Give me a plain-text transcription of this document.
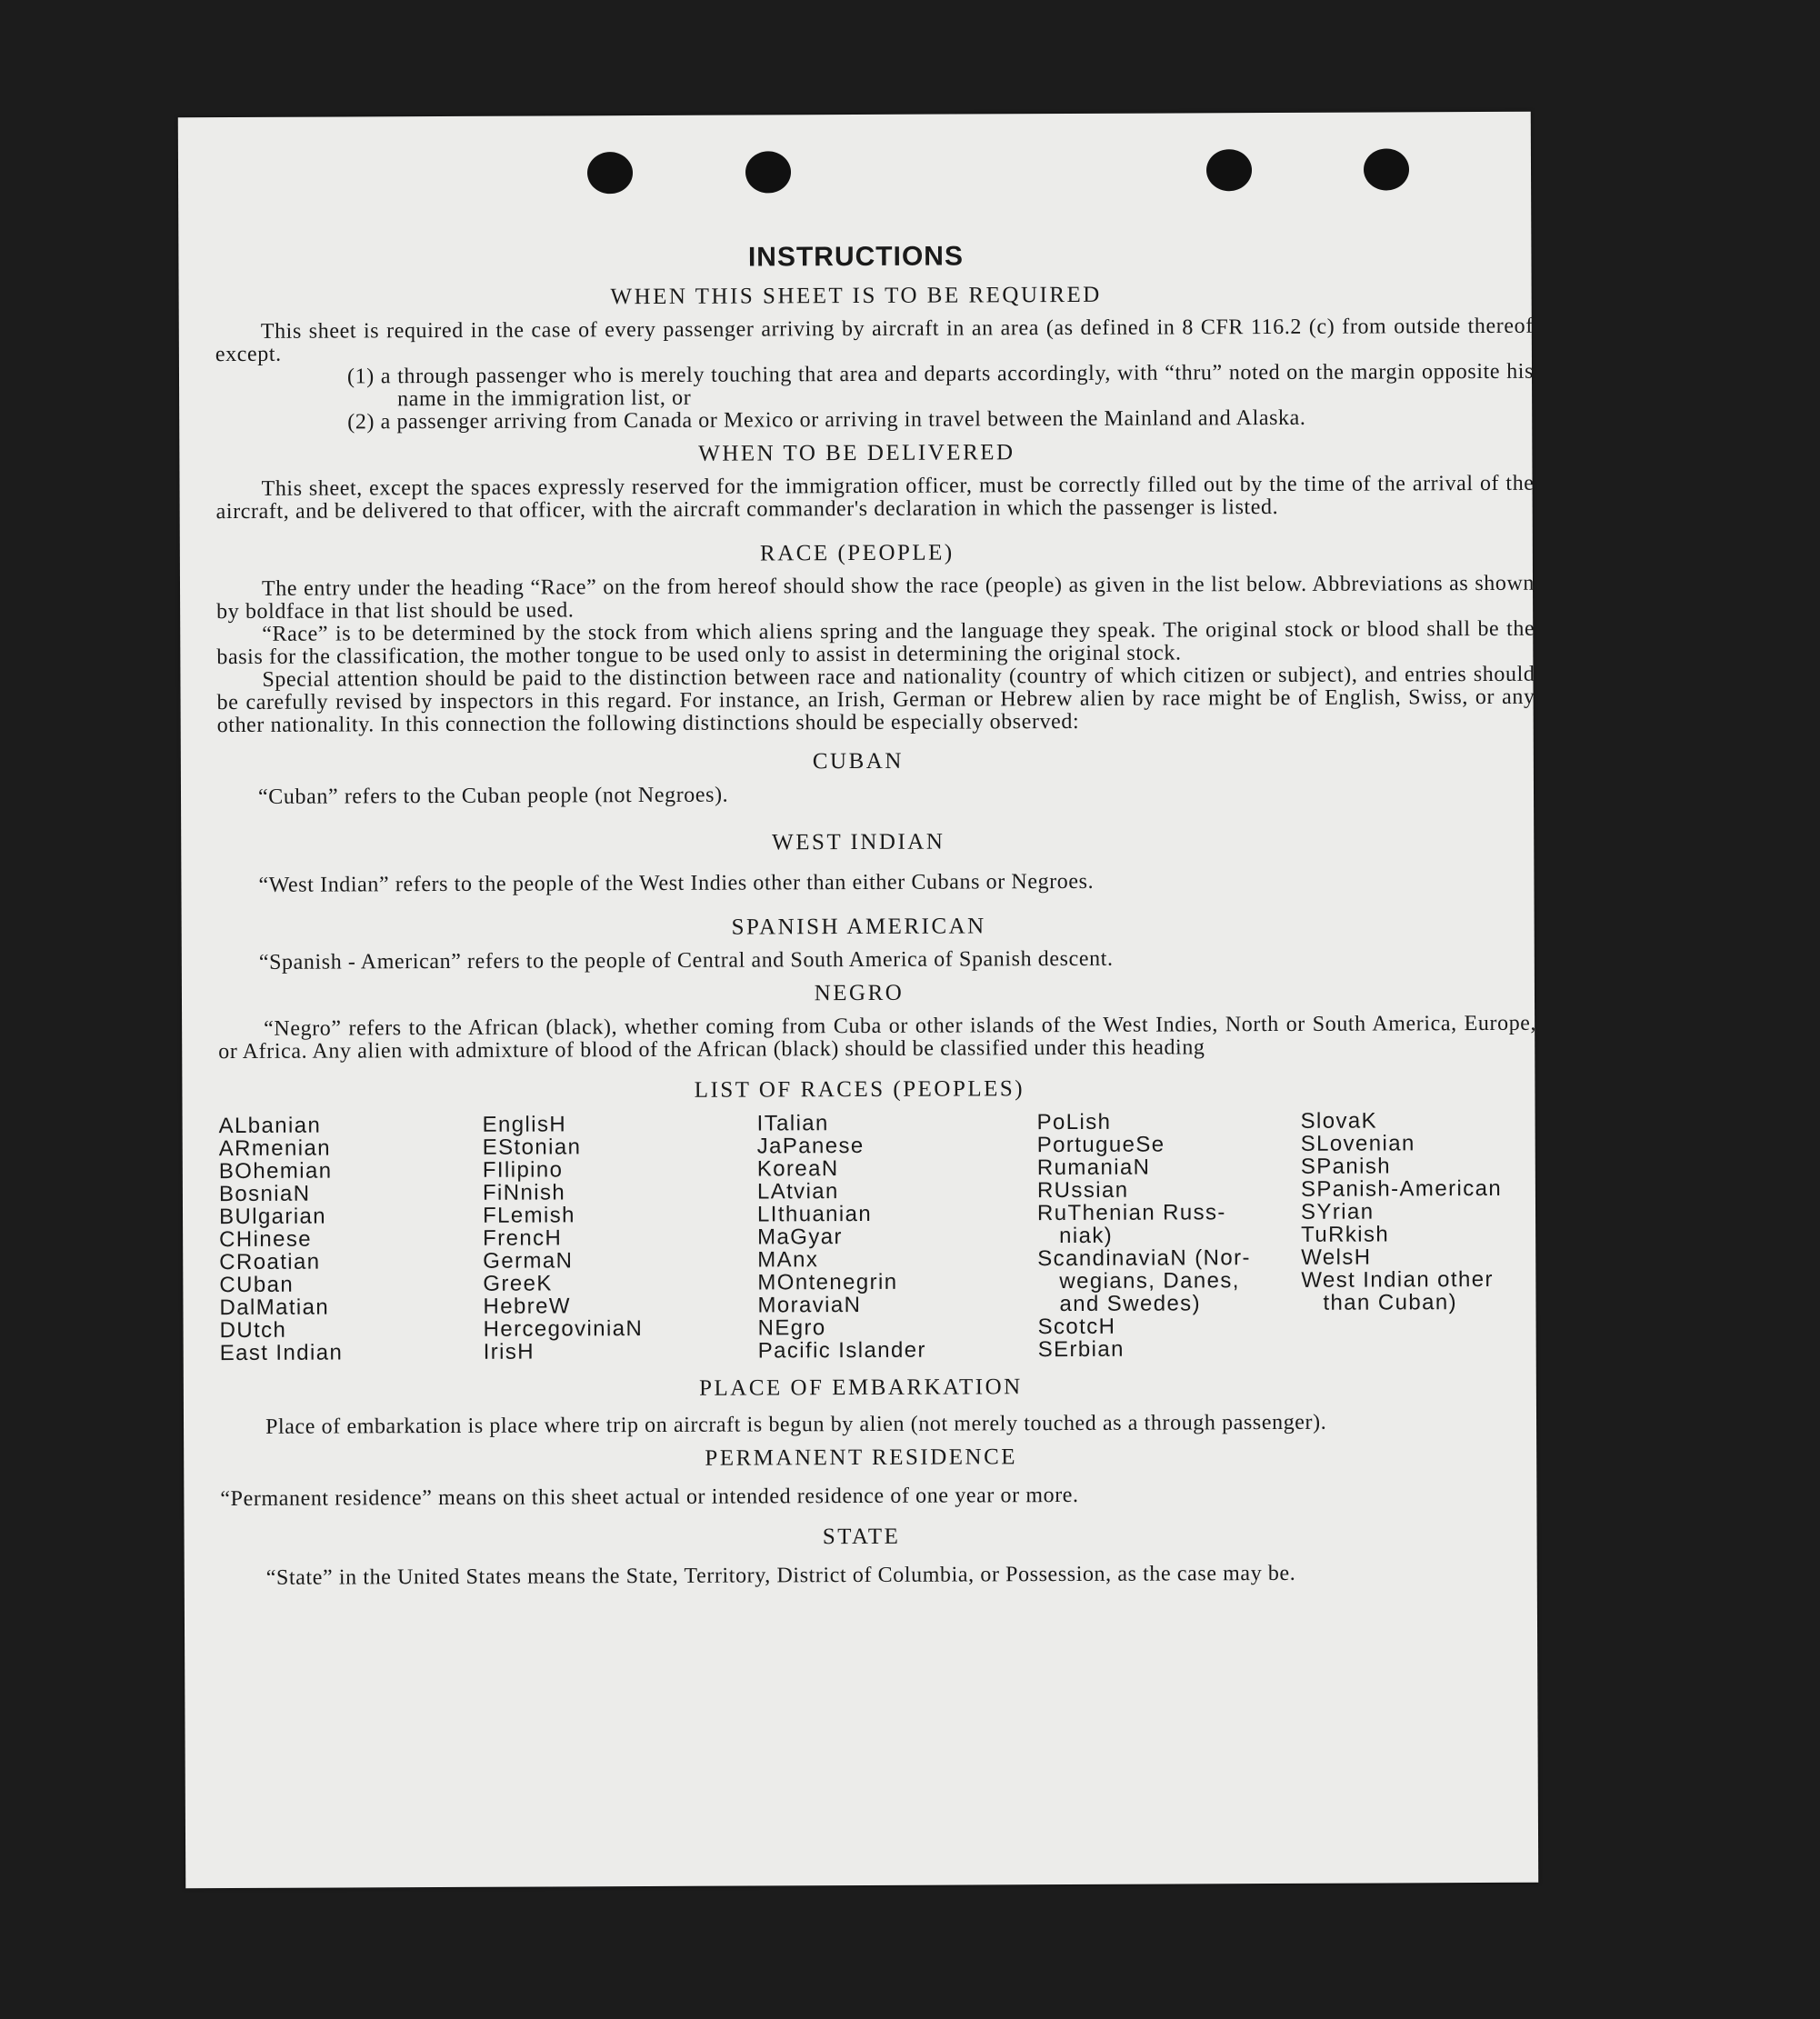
INSTRUCTIONS
WHEN THIS SHEET IS TO BE REQUIRED

This sheet is required in the case of every passenger arriving by aircraft in an area (as defined in 8 CFR 116.2 (c) from outside thereof except.

(1) a through passenger who is merely touching that area and departs accordingly, with “thru” noted on the margin opposite his name in the immigration list, or

(2) a passenger arriving from Canada or Mexico or arriving in travel between the Mainland and Alaska.

WHEN TO BE DELIVERED

This sheet, except the spaces expressly reserved for the immigration officer, must be correctly filled out by the time of the arrival of the aircraft, and be delivered to that officer, with the aircraft commander's declaration in which the passenger is listed.

RACE (PEOPLE)

The entry under the heading “Race” on the from hereof should show the race (people) as given in the list below. Abbreviations as shown by boldface in that list should be used.

“Race” is to be determined by the stock from which aliens spring and the language they speak. The original stock or blood shall be the basis for the classification, the mother tongue to be used only to assist in determining the original stock.

Special attention should be paid to the distinction between race and nationality (country of which citizen or subject), and entries should be carefully revised by inspectors in this regard. For instance, an Irish, German or Hebrew alien by race might be of English, Swiss, or any other nationality. In this connection the following distinctions should be especially observed:

CUBAN

“Cuban” refers to the Cuban people (not Negroes).

WEST INDIAN

“West Indian” refers to the people of the West Indies other than either Cubans or Negroes.

SPANISH AMERICAN

“Spanish - American” refers to the people of Central and South America of Spanish descent.

NEGRO

“Negro” refers to the African (black), whether coming from Cuba or other islands of the West Indies, North or South America, Europe, or Africa. Any alien with admixture of blood of the African (black) should be classified under this heading

LIST OF RACES (PEOPLES)
ALbanian
ARmenian
BOhemian
BosniaN
BUlgarian
CHinese
CRoatian
CUban
DalMatian
DUtch
East Indian
EnglisH
EStonian
FIlipino
FiNnish
FLemish
FrencH
GermaN
GreeK
HebreW
HercegoviniaN
IrisH
ITalian
JaPanese
KoreaN
LAtvian
LIthuanian
MaGyar
MAnx
MOntenegrin
MoraviaN
NEgro
Pacific Islander
PoLish
PortugueSe
RumaniaN
RUssian
RuThenian Russ-
niak)
ScandinaviaN (Nor-
wegians, Danes,
and Swedes)
ScotcH
SErbian
SlovaK
SLovenian
SPanish
SPanish-American
SYrian
TuRkish
WelsH
West Indian other
than Cuban)
PLACE OF EMBARKATION

Place of embarkation is place where trip on aircraft is begun by alien (not merely touched as a through passenger).

PERMANENT RESIDENCE

“Permanent residence” means on this sheet actual or intended residence of one year or more.

STATE

“State” in the United States means the State, Territory, District of Columbia, or Possession, as the case may be.
